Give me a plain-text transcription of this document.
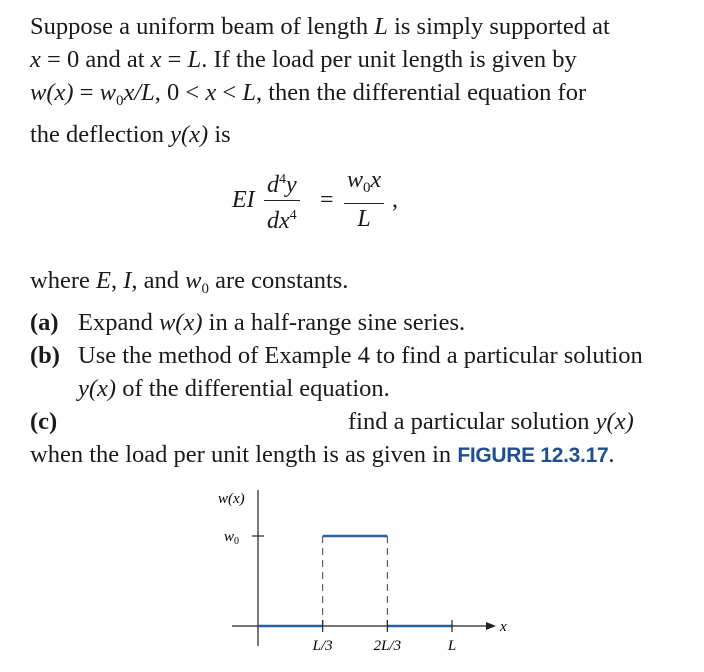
Suppose a uniform beam of length L is simply supported at
x = 0 and at x = L. If the load per unit length is given by
$w(x) = w_0x/L$, 0 < x < L, then the differential equation for
the deflection y(x) is
EI $\frac{d^4y}{dx^4} = \frac{w_0x}{L}$ ,
where E, I, and $w_0$ are constants.
(a) Expand w(x) in a half-range sine series.
(b) Use the method of Example 4 to find a particular solution
y(x) of the differential equation.
(c)	find a particular solution y(x)
when the load per unit length is as given in FIGURE 12.3.17.
x
w(x)
$w_0$
L/3	2L/3	L
